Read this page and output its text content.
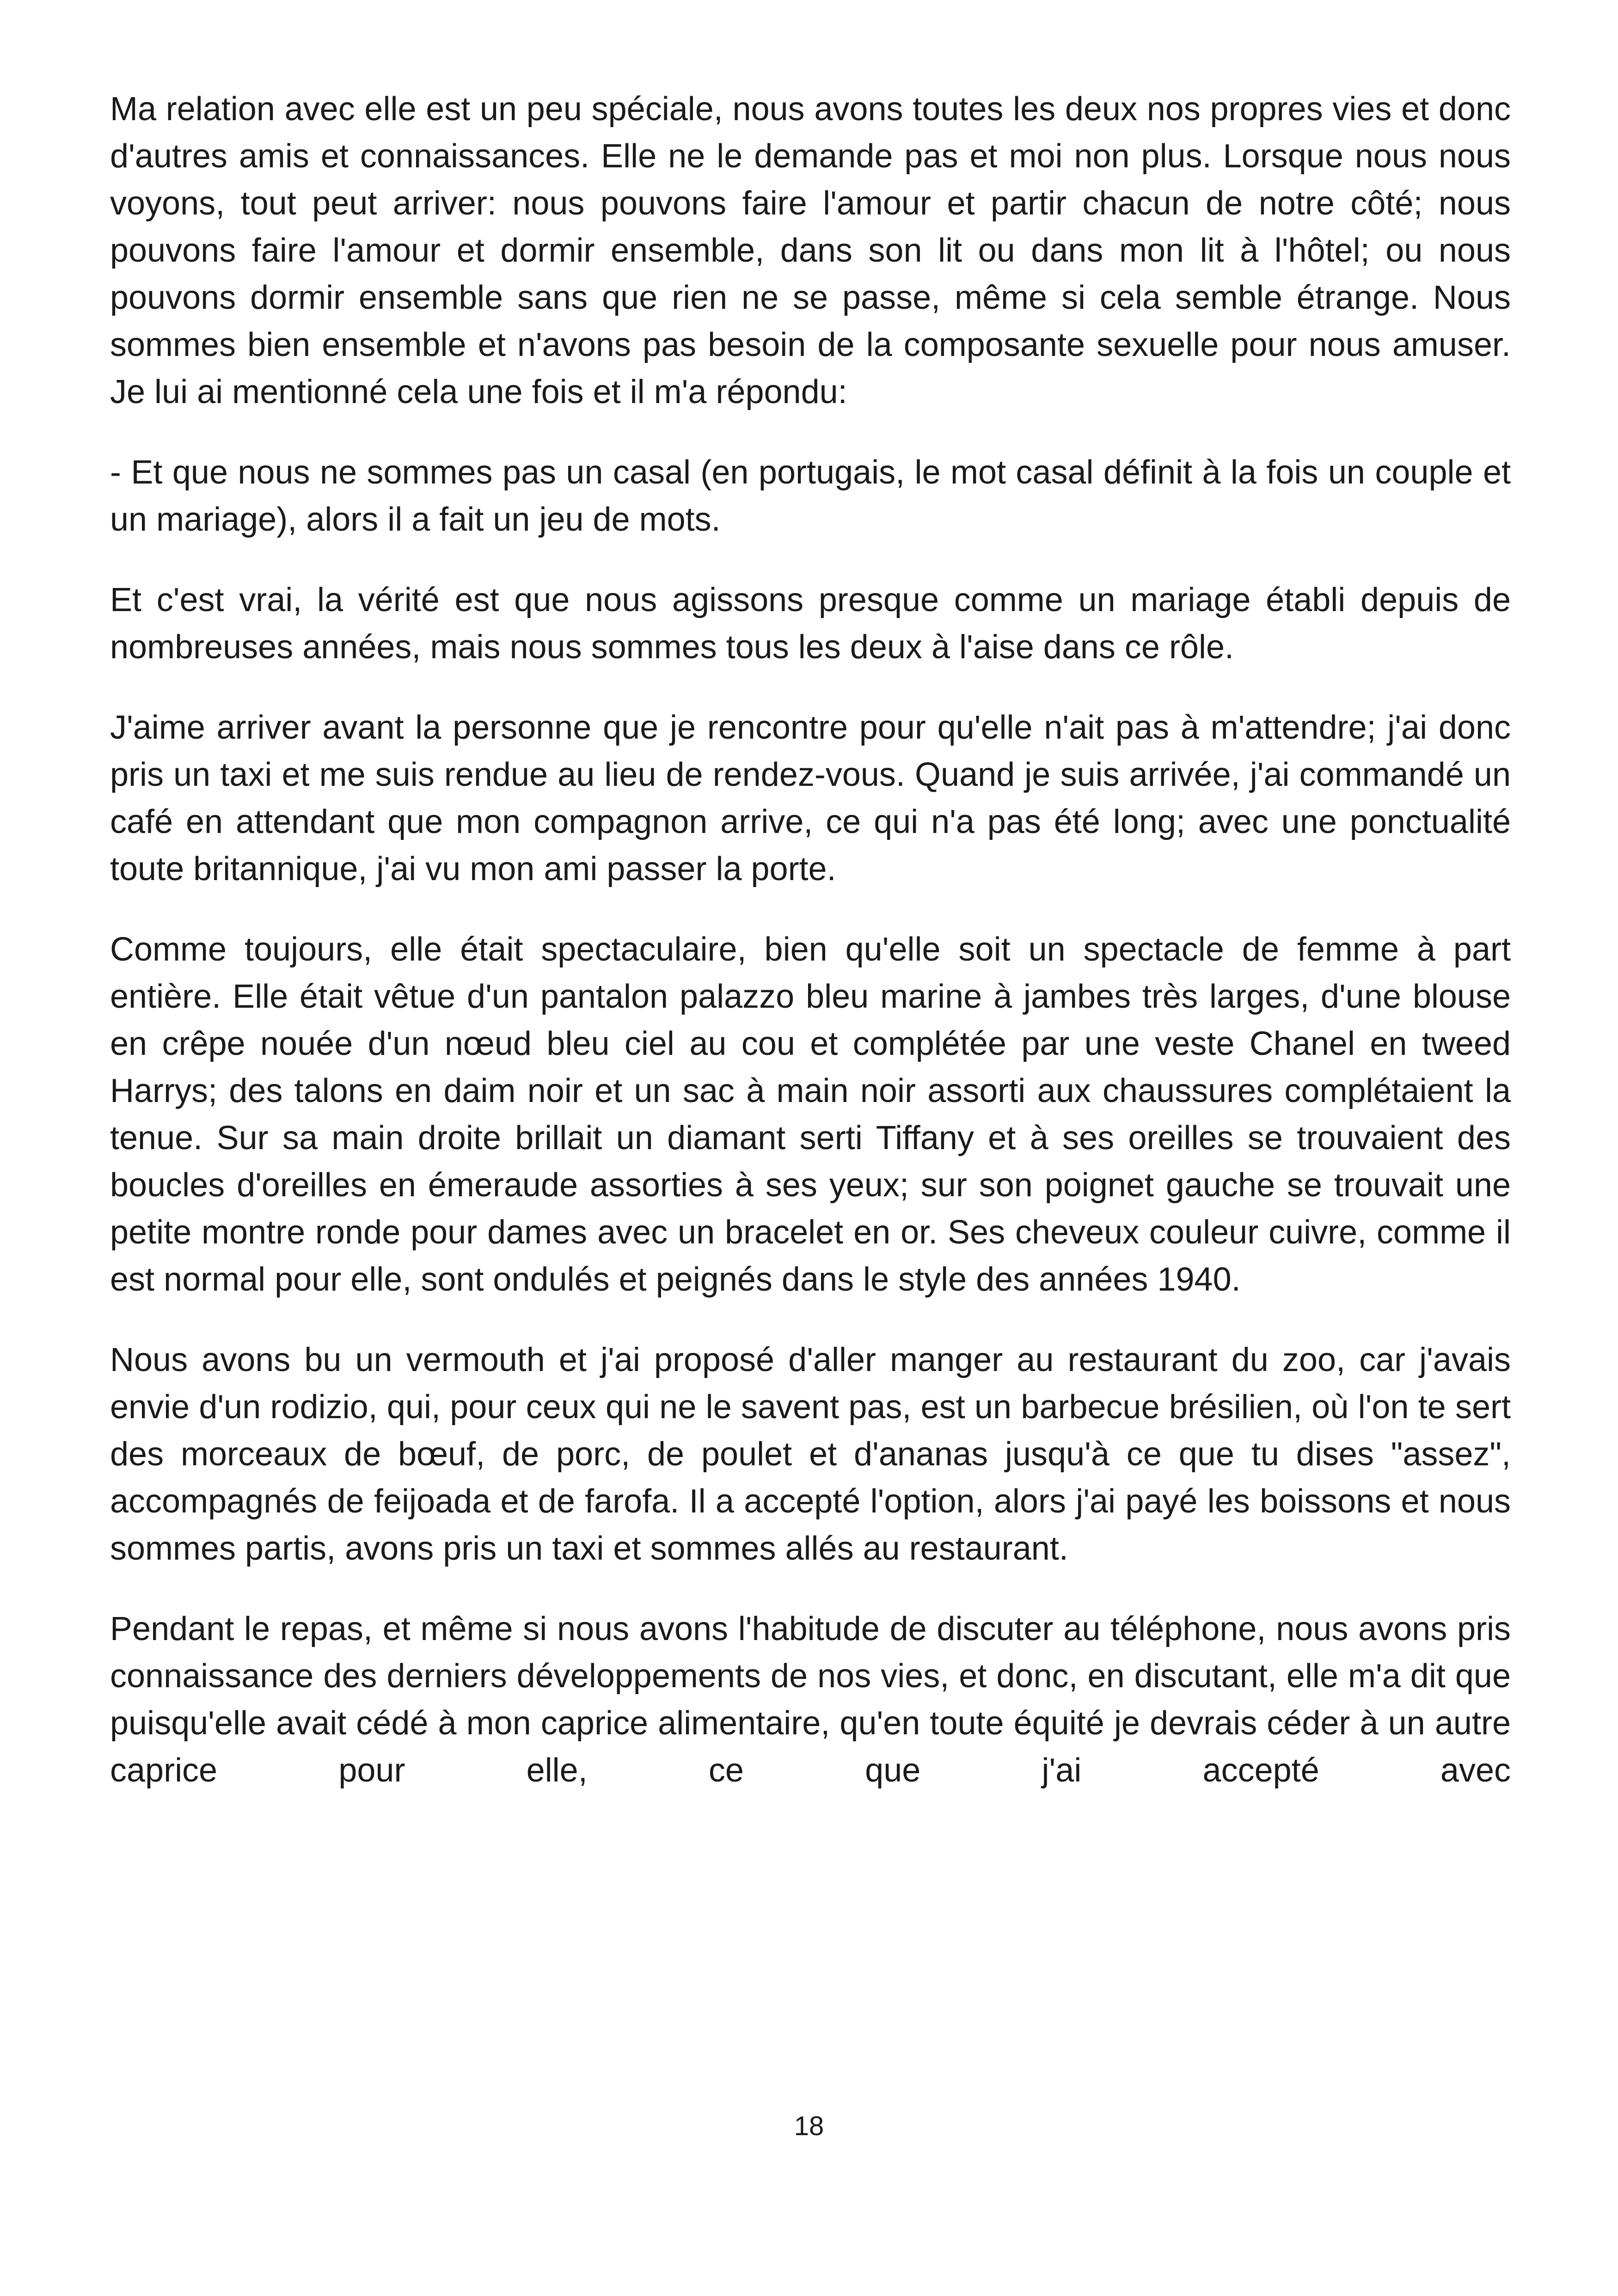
Ma relation avec elle est un peu spéciale, nous avons toutes les deux nos propres vies et donc d'autres amis et connaissances. Elle ne le demande pas et moi non plus. Lorsque nous nous voyons, tout peut arriver: nous pouvons faire l'amour et partir chacun de notre côté; nous pouvons faire l'amour et dormir ensemble, dans son lit ou dans mon lit à l'hôtel; ou nous pouvons dormir ensemble sans que rien ne se passe, même si cela semble étrange. Nous sommes bien ensemble et n'avons pas besoin de la composante sexuelle pour nous amuser. Je lui ai mentionné cela une fois et il m'a répondu:

- Et que nous ne sommes pas un casal (en portugais, le mot casal définit à la fois un couple et un mariage), alors il a fait un jeu de mots.

Et c'est vrai, la vérité est que nous agissons presque comme un mariage établi depuis de nombreuses années, mais nous sommes tous les deux à l'aise dans ce rôle.

J'aime arriver avant la personne que je rencontre pour qu'elle n'ait pas à m'attendre; j'ai donc pris un taxi et me suis rendue au lieu de rendez-vous. Quand je suis arrivée, j'ai commandé un café en attendant que mon compagnon arrive, ce qui n'a pas été long; avec une ponctualité toute britannique, j'ai vu mon ami passer la porte.

Comme toujours, elle était spectaculaire, bien qu'elle soit un spectacle de femme à part entière. Elle était vêtue d'un pantalon palazzo bleu marine à jambes très larges, d'une blouse en crêpe nouée d'un nœud bleu ciel au cou et complétée par une veste Chanel en tweed Harrys; des talons en daim noir et un sac à main noir assorti aux chaussures complétaient la tenue. Sur sa main droite brillait un diamant serti Tiffany et à ses oreilles se trouvaient des boucles d'oreilles en émeraude assorties à ses yeux; sur son poignet gauche se trouvait une petite montre ronde pour dames avec un bracelet en or. Ses cheveux couleur cuivre, comme il est normal pour elle, sont ondulés et peignés dans le style des années 1940.

Nous avons bu un vermouth et j'ai proposé d'aller manger au restaurant du zoo, car j'avais envie d'un rodizio, qui, pour ceux qui ne le savent pas, est un barbecue brésilien, où l'on te sert des morceaux de bœuf, de porc, de poulet et d'ananas jusqu'à ce que tu dises "assez", accompagnés de feijoada et de farofa. Il a accepté l'option, alors j'ai payé les boissons et nous sommes partis, avons pris un taxi et sommes allés au restaurant.

Pendant le repas, et même si nous avons l'habitude de discuter au téléphone, nous avons pris connaissance des derniers développements de nos vies, et donc, en discutant, elle m'a dit que puisqu'elle avait cédé à mon caprice alimentaire, qu'en toute équité je devrais céder à un autre caprice pour elle, ce que j'ai accepté avec

18
